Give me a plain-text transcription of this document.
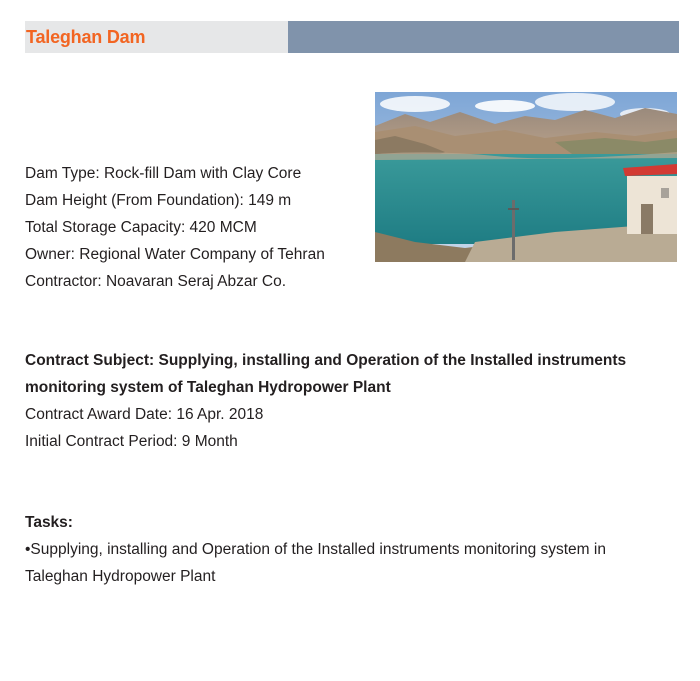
Taleghan Dam
Dam Type: Rock-fill Dam with Clay Core
Dam Height (From Foundation): 149 m
Total Storage Capacity: 420 MCM
Owner: Regional Water Company of Tehran
Contractor: Noavaran Seraj Abzar Co.
Contract Subject: Supplying, installing and Operation of the Installed instruments
monitoring system of Taleghan Hydropower Plant
Contract Award Date: 16 Apr. 2018
Initial Contract Period: 9 Month
Tasks:
•Supplying, installing and Operation of the Installed instruments monitoring system in
Taleghan Hydropower Plant
